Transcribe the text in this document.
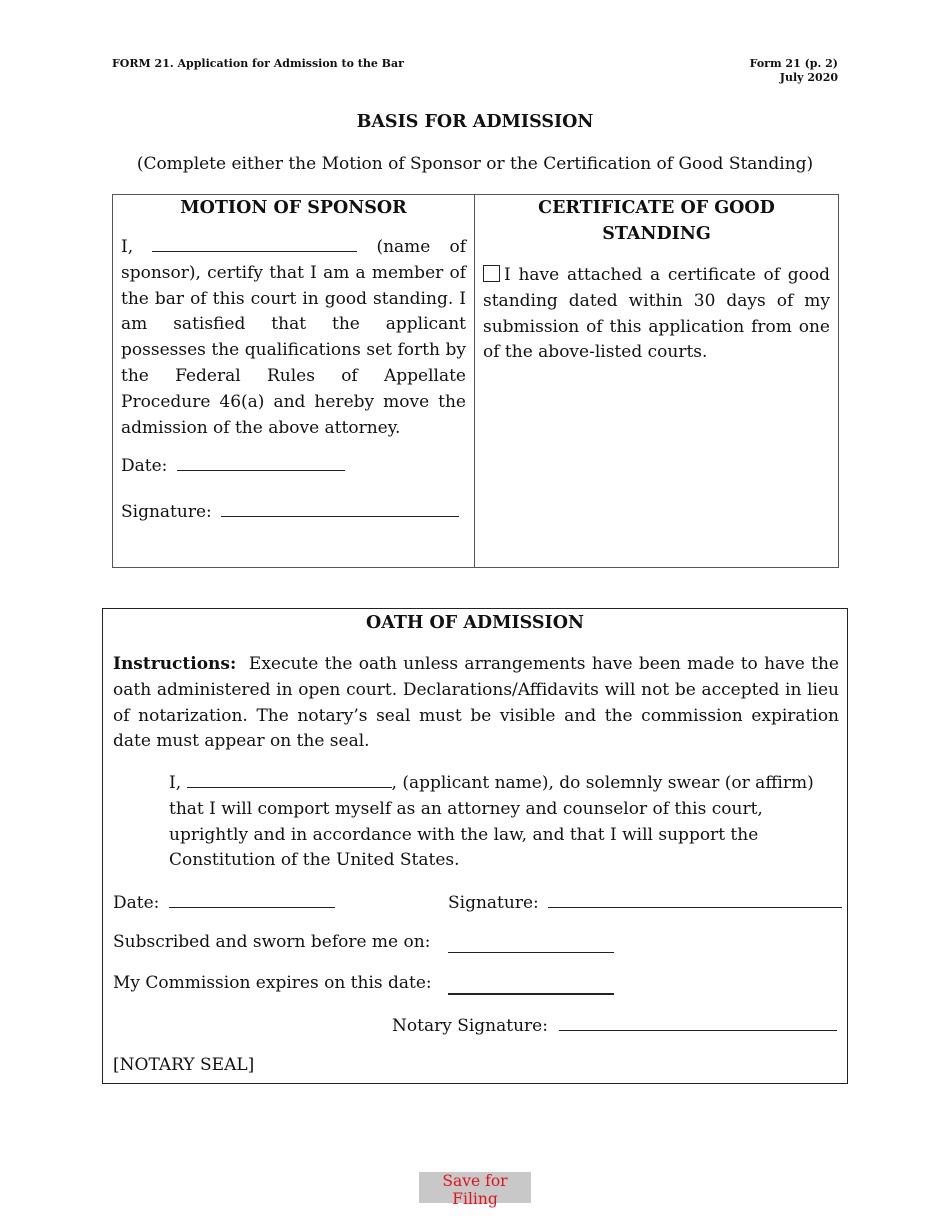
FORM 21. Application for Admission to the Bar	Form 21 (p. 2)
July 2020
BASIS FOR ADMISSION
(Complete either the Motion of Sponsor or the Certification of Good Standing)
MOTION OF SPONSOR
I,	(name of sponsor), certify that I am a member of the bar of this court in good standing. I am satisfied that the applicant possesses the qualifications set forth by the Federal Rules of Appellate Procedure 46(a) and hereby move the admission of the above attorney.
Date:
Signature:
CERTIFICATE OF GOOD STANDING
I have attached a certificate of good standing dated within 30 days of my submission of this application from one of the above-listed courts.
OATH OF ADMISSION
Instructions: Execute the oath unless arrangements have been made to have the oath administered in open court. Declarations/Affidavits will not be accepted in lieu of notarization. The notary’s seal must be visible and the commission expiration date must appear on the seal.
I,	, (applicant name), do solemnly swear (or affirm) that I will comport myself as an attorney and counselor of this court, uprightly and in accordance with the law, and that I will support the Constitution of the United States.
Date:	Signature:
Subscribed and sworn before me on:
My Commission expires on this date:
Notary Signature:
[NOTARY SEAL]
Save for Filing
